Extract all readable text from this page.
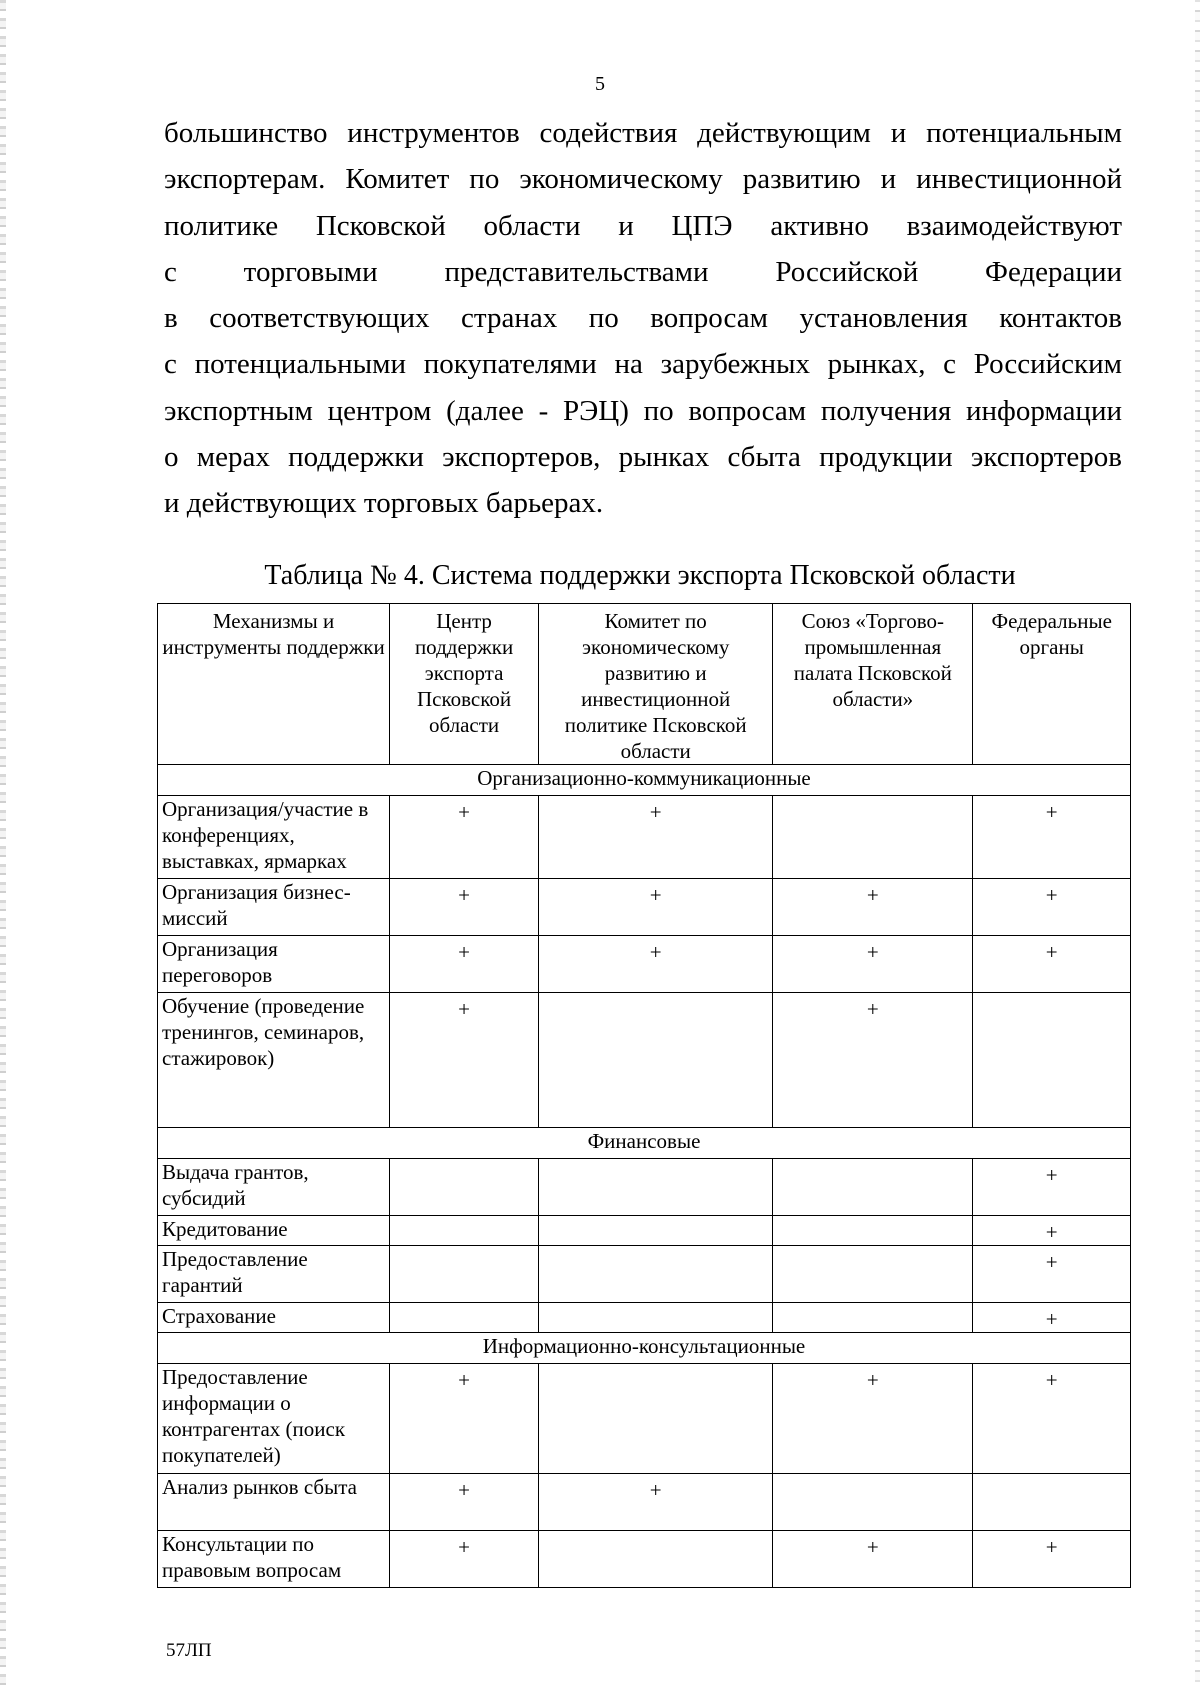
5

большинство инструментов содействия действующим и потенциальным
экспортерам. Комитет по экономическому развитию и инвестиционной
политике Псковской области и ЦПЭ активно взаимодействуют
с торговыми представительствами Российской Федерации
в соответствующих странах по вопросам установления контактов
с потенциальными покупателями на зарубежных рынках, с Российским
экспортным центром (далее - РЭЦ) по вопросам получения информации
о мерах поддержки экспортеров, рынках сбыта продукции экспортеров
и действующих торговых барьерах.

Таблица № 4. Система поддержки экспорта Псковской области
Механизмы и инструменты поддержки	Центр поддержки экспорта Псковской области	Комитет по экономическому развитию и инвестиционной политике Псковской области	Союз «Торгово-промышленная палата Псковской области»	Федеральные органы
Организационно-коммуникационные				
Организация/участие в конференциях, выставках, ярмарках	+	+		+
Организация бизнес-миссий	+	+	+	+
Организация переговоров	+	+	+	+
Обучение (проведение тренингов, семинаров, стажировок)	+		+	
Финансовые				
Выдача грантов, субсидий				+
Кредитование				+
Предоставление гарантий				+
Страхование				+
Информационно-консультационные				
Предоставление информации о контрагентах (поиск покупателей)	+		+	+
Анализ рынков сбыта	+	+		
Консультации по правовым вопросам	+		+	+
57ЛП
